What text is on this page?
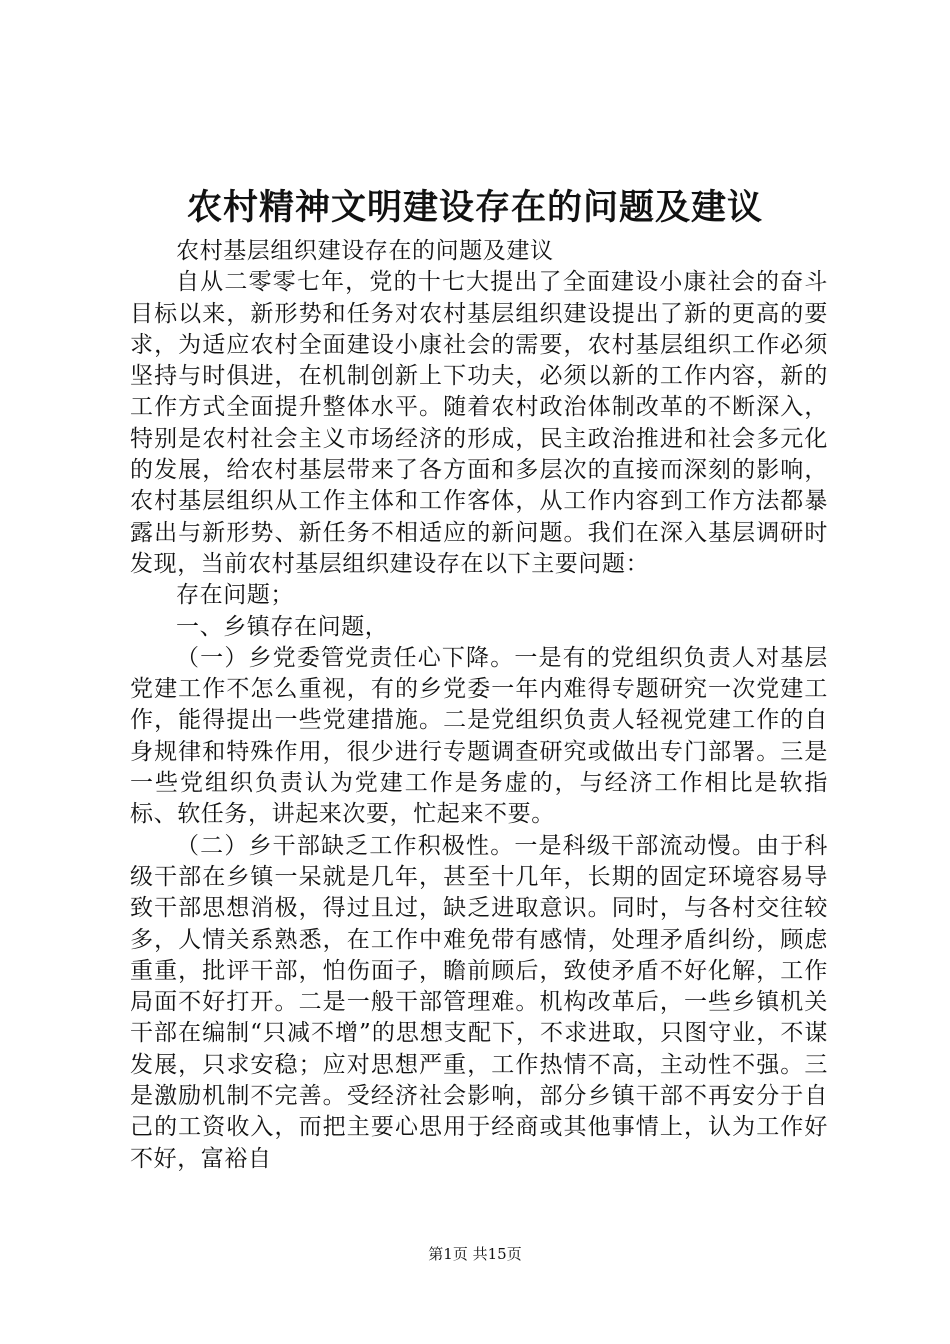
农村精神文明建设存在的问题及建议

农村基层组织建设存在的问题及建议

自从二零零七年，党的十七大提出了全面建设小康社会的奋斗目标以来，新形势和任务对农村基层组织建设提出了新的更高的要求，为适应农村全面建设小康社会的需要，农村基层组织工作必须坚持与时俱进，在机制创新上下功夫，必须以新的工作内容，新的工作方式全面提升整体水平。随着农村政治体制改革的不断深入，特别是农村社会主义市场经济的形成，民主政治推进和社会多元化的发展，给农村基层带来了各方面和多层次的直接而深刻的影响，农村基层组织从工作主体和工作客体，从工作内容到工作方法都暴露出与新形势、新任务不相适应的新问题。我们在深入基层调研时发现，当前农村基层组织建设存在以下主要问题：

存在问题；

一、乡镇存在问题，

（一）乡党委管党责任心下降。一是有的党组织负责人对基层党建工作不怎么重视，有的乡党委一年内难得专题研究一次党建工作，能得提出一些党建措施。二是党组织负责人轻视党建工作的自身规律和特殊作用，很少进行专题调查研究或做出专门部署。三是一些党组织负责认为党建工作是务虚的，与经济工作相比是软指标、软任务，讲起来次要，忙起来不要。

（二）乡干部缺乏工作积极性。一是科级干部流动慢。由于科级干部在乡镇一呆就是几年，甚至十几年，长期的固定环境容易导致干部思想消极，得过且过，缺乏进取意识。同时，与各村交往较多，人情关系熟悉，在工作中难免带有感情，处理矛盾纠纷，顾虑重重，批评干部，怕伤面子，瞻前顾后，致使矛盾不好化解，工作局面不好打开。二是一般干部管理难。机构改革后，一些乡镇机关干部在编制“只减不增”的思想支配下，不求进取，只图守业，不谋发展，只求安稳；应对思想严重，工作热情不高，主动性不强。三是激励机制不完善。受经济社会影响，部分乡镇干部不再安分于自己的工资收入，而把主要心思用于经商或其他事情上，认为工作好不好，富裕自

第1页 共15页
